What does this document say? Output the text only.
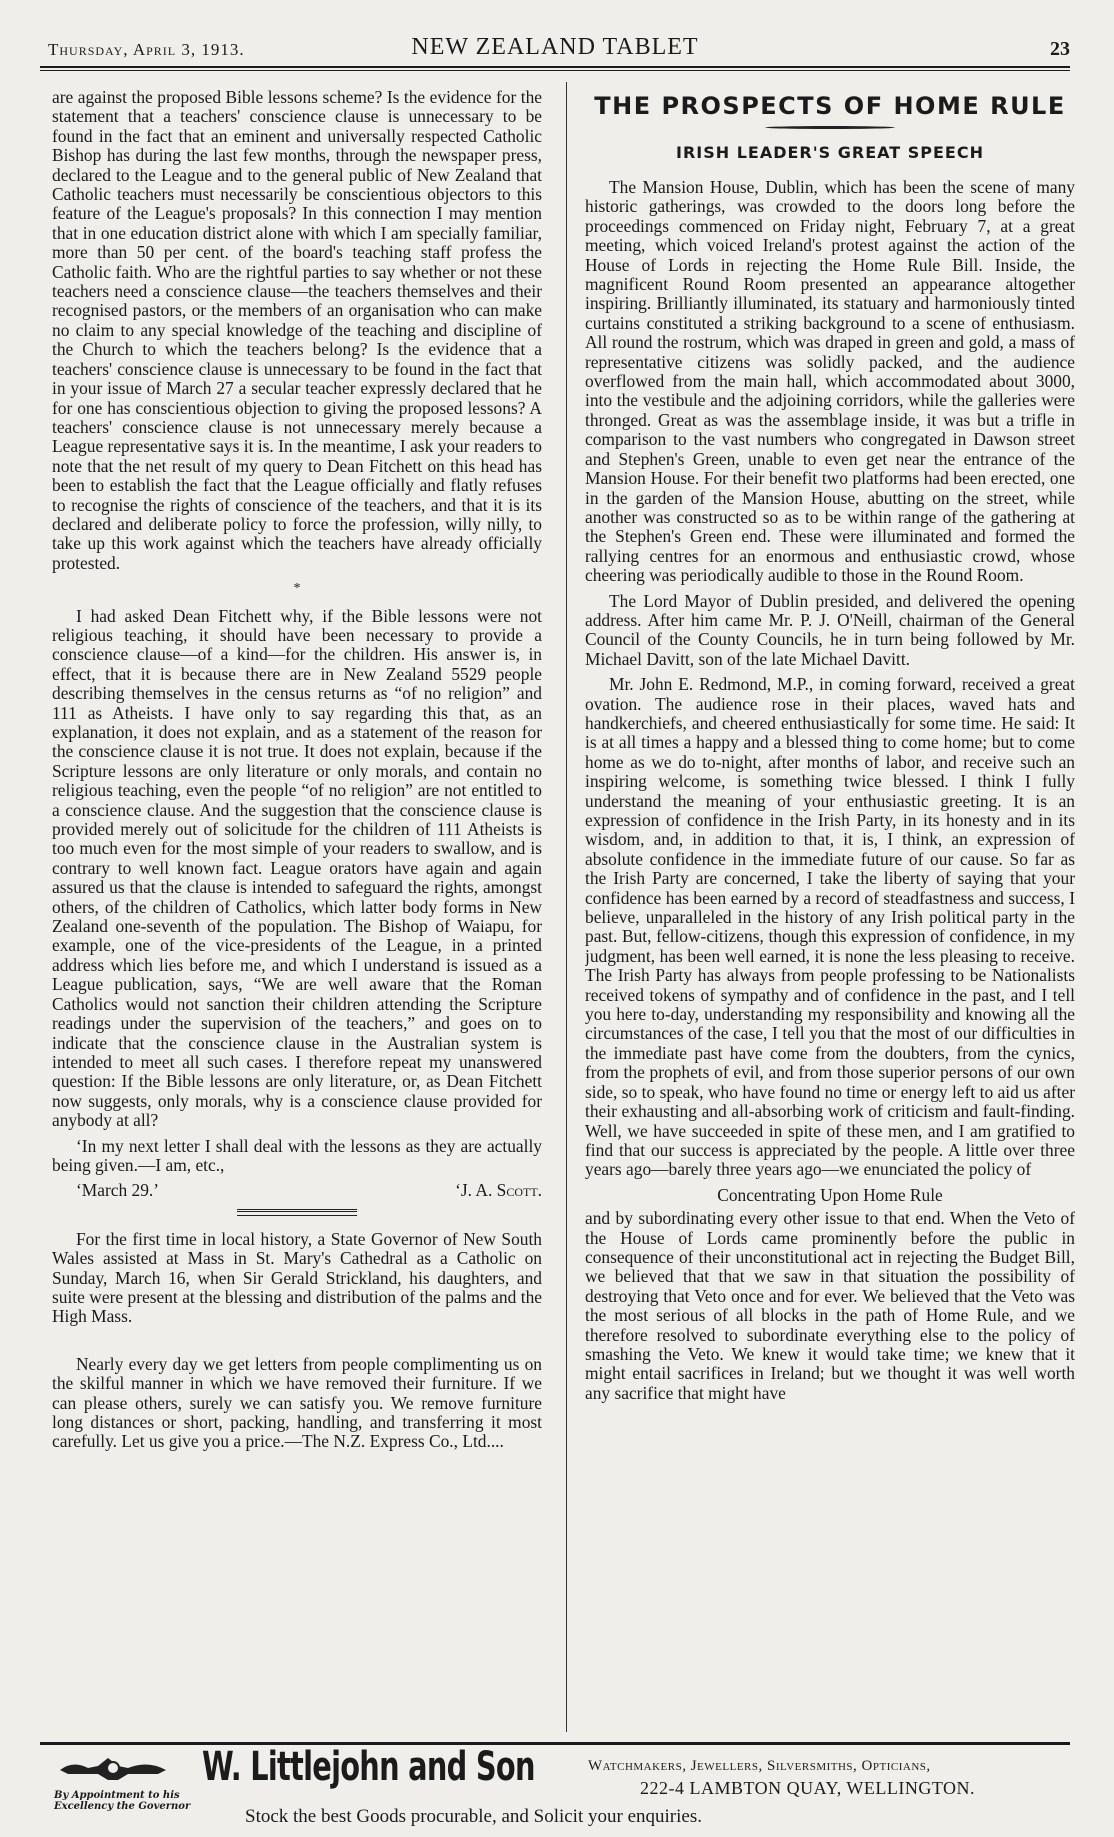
Thursday, April 3, 1913.	NEW ZEALAND TABLET	23

are against the proposed Bible lessons scheme? Is the evidence for the statement that a teachers' conscience clause is unnecessary to be found in the fact that an eminent and universally respected Catholic Bishop has during the last few months, through the newspaper press, declared to the League and to the general public of New Zealand that Catholic teachers must necessarily be conscientious objectors to this feature of the League's proposals? In this connection I may mention that in one education district alone with which I am specially familiar, more than 50 per cent. of the board's teaching staff profess the Catholic faith. Who are the rightful parties to say whether or not these teachers need a conscience clause—the teachers themselves and their recognised pastors, or the members of an organisation who can make no claim to any special knowledge of the teaching and discipline of the Church to which the teachers belong? Is the evidence that a teachers' conscience clause is unnecessary to be found in the fact that in your issue of March 27 a secular teacher expressly declared that he for one has conscientious objection to giving the proposed lessons? A teachers' conscience clause is not unnecessary merely because a League representative says it is. In the meantime, I ask your readers to note that the net result of my query to Dean Fitchett on this head has been to establish the fact that the League officially and flatly refuses to recognise the rights of conscience of the teachers, and that it is its declared and deliberate policy to force the profession, willy nilly, to take up this work against which the teachers have already officially protested.

*

I had asked Dean Fitchett why, if the Bible lessons were not religious teaching, it should have been necessary to provide a conscience clause—of a kind—for the children. His answer is, in effect, that it is because there are in New Zealand 5529 people describing themselves in the census returns as “of no religion” and 111 as Atheists. I have only to say regarding this that, as an explanation, it does not explain, and as a statement of the reason for the conscience clause it is not true. It does not explain, because if the Scripture lessons are only literature or only morals, and contain no religious teaching, even the people “of no religion” are not entitled to a conscience clause. And the suggestion that the conscience clause is provided merely out of solicitude for the children of 111 Atheists is too much even for the most simple of your readers to swallow, and is contrary to well known fact. League orators have again and again assured us that the clause is intended to safeguard the rights, amongst others, of the children of Catholics, which latter body forms in New Zealand one-seventh of the population. The Bishop of Waiapu, for example, one of the vice-presidents of the League, in a printed address which lies before me, and which I understand is issued as a League publication, says, “We are well aware that the Roman Catholics would not sanction their children attending the Scripture readings under the supervision of the teachers,” and goes on to indicate that the conscience clause in the Australian system is intended to meet all such cases. I therefore repeat my unanswered question: If the Bible lessons are only literature, or, as Dean Fitchett now suggests, only morals, why is a conscience clause provided for anybody at all?

‘In my next letter I shall deal with the lessons as they are actually being given.—I am, etc.,

‘March 29.’	‘J. A. Scott.

For the first time in local history, a State Governor of New South Wales assisted at Mass in St. Mary's Cathedral as a Catholic on Sunday, March 16, when Sir Gerald Strickland, his daughters, and suite were present at the blessing and distribution of the palms and the High Mass.

Nearly every day we get letters from people complimenting us on the skilful manner in which we have removed their furniture. If we can please others, surely we can satisfy you. We remove furniture long distances or short, packing, handling, and transferring it most carefully. Let us give you a price.—The N.Z. Express Co., Ltd....

THE PROSPECTS OF HOME RULE
IRISH LEADER'S GREAT SPEECH

The Mansion House, Dublin, which has been the scene of many historic gatherings, was crowded to the doors long before the proceedings commenced on Friday night, February 7, at a great meeting, which voiced Ireland's protest against the action of the House of Lords in rejecting the Home Rule Bill. Inside, the magnificent Round Room presented an appearance altogether inspiring. Brilliantly illuminated, its statuary and harmoniously tinted curtains constituted a striking background to a scene of enthusiasm. All round the rostrum, which was draped in green and gold, a mass of representative citizens was solidly packed, and the audience overflowed from the main hall, which accommodated about 3000, into the vestibule and the adjoining corridors, while the galleries were thronged. Great as was the assemblage inside, it was but a trifle in comparison to the vast numbers who congregated in Dawson street and Stephen's Green, unable to even get near the entrance of the Mansion House. For their benefit two platforms had been erected, one in the garden of the Mansion House, abutting on the street, while another was constructed so as to be within range of the gathering at the Stephen's Green end. These were illuminated and formed the rallying centres for an enormous and enthusiastic crowd, whose cheering was periodically audible to those in the Round Room.

The Lord Mayor of Dublin presided, and delivered the opening address. After him came Mr. P. J. O'Neill, chairman of the General Council of the County Councils, he in turn being followed by Mr. Michael Davitt, son of the late Michael Davitt.

Mr. John E. Redmond, M.P., in coming forward, received a great ovation. The audience rose in their places, waved hats and handkerchiefs, and cheered enthusiastically for some time. He said: It is at all times a happy and a blessed thing to come home; but to come home as we do to-night, after months of labor, and receive such an inspiring welcome, is something twice blessed. I think I fully understand the meaning of your enthusiastic greeting. It is an expression of confidence in the Irish Party, in its honesty and in its wisdom, and, in addition to that, it is, I think, an expression of absolute confidence in the immediate future of our cause. So far as the Irish Party are concerned, I take the liberty of saying that your confidence has been earned by a record of steadfastness and success, I believe, unparalleled in the history of any Irish political party in the past. But, fellow-citizens, though this expression of confidence, in my judgment, has been well earned, it is none the less pleasing to receive. The Irish Party has always from people professing to be Nationalists received tokens of sympathy and of confidence in the past, and I tell you here to-day, understanding my responsibility and knowing all the circumstances of the case, I tell you that the most of our difficulties in the immediate past have come from the doubters, from the cynics, from the prophets of evil, and from those superior persons of our own side, so to speak, who have found no time or energy left to aid us after their exhausting and all-absorbing work of criticism and fault-finding. Well, we have succeeded in spite of these men, and I am gratified to find that our success is appreciated by the people. A little over three years ago—barely three years ago—we enunciated the policy of

Concentrating Upon Home Rule

and by subordinating every other issue to that end. When the Veto of the House of Lords came prominently before the public in consequence of their unconstitutional act in rejecting the Budget Bill, we believed that that we saw in that situation the possibility of destroying that Veto once and for ever. We believed that the Veto was the most serious of all blocks in the path of Home Rule, and we therefore resolved to subordinate everything else to the policy of smashing the Veto. We knew it would take time; we knew that it might entail sacrifices in Ireland; but we thought it was well worth any sacrifice that might have

By Appointment to his
Excellency the Governor
W. Littlejohn and Son	Watchmakers, Jewellers, Silversmiths, Opticians,
222-4 LAMBTON QUAY, WELLINGTON.
Stock the best Goods procurable, and Solicit your enquiries.
